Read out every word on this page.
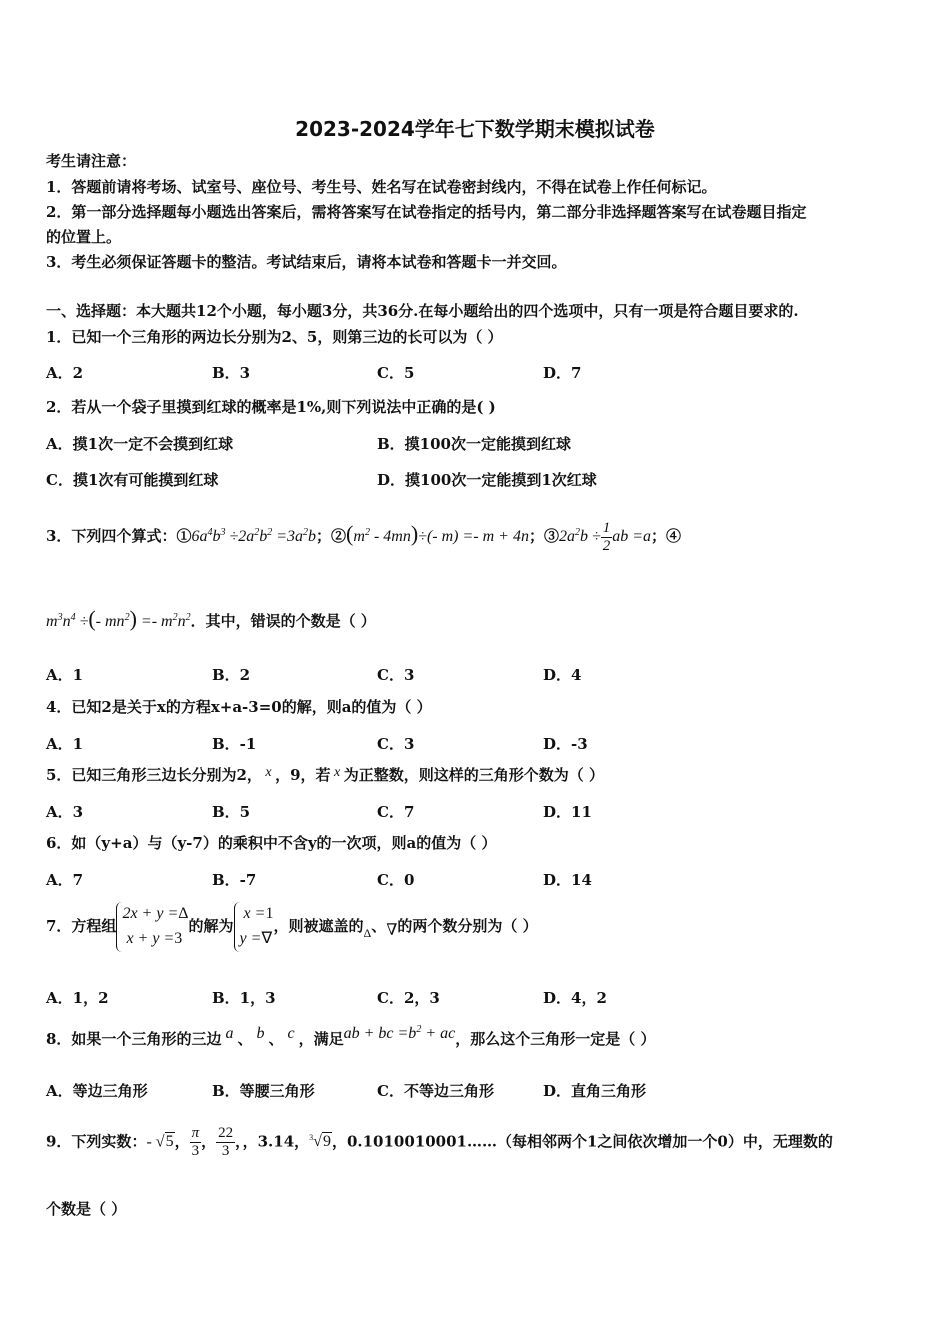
2023-2024学年七下数学期末模拟试卷
考生请注意：
1．答题前请将考场、试室号、座位号、考生号、姓名写在试卷密封线内，不得在试卷上作任何标记。
2．第一部分选择题每小题选出答案后，需将答案写在试卷指定的括号内，第二部分非选择题答案写在试卷题目指定
的位置上。
3．考生必须保证答题卡的整洁。考试结束后，请将本试卷和答题卡一并交回。
一、选择题：本大题共12个小题，每小题3分，共36分.在每小题给出的四个选项中，只有一项是符合题目要求的.
1．已知一个三角形的两边长分别为2、5，则第三边的长可以为（ ）
A．2	B．3	C．5	D．7
2．若从一个袋子里摸到红球的概率是1%,则下列说法中正确的是( )
A．摸1次一定不会摸到红球	B．摸100次一定能摸到红球
C．摸1次有可能摸到红球	D．摸100次一定能摸到1次红球
3．下列四个算式：$①6a^4b^3 \div 2a^2b^2 =3a^2b$；$②(m^2 - 4mn)\div(-$ m) =- m + 4n；$③2a^2b \div \frac{1}{2}$ ab =a；④
$m^3n^4$ ÷(- $mn^2) =- m^2n^2$．其中，错误的个数是（ ）
A．1	B．2	C．3	D．4
4．已知2是关于x的方程x+a-3=0的解，则a的值为（ ）
A．1	B．-1	C．3	D．-3
5．已知三角形三边长分别为2， x ，9，若 x 为正整数，则这样的三角形个数为（ ）
A．3	B．5	C．7	D．11
6．如（y+a）与（y-7）的乘积中不含y的一次项，则a的值为（ ）
A．7	B．-7	C．0	D．14
7．方程组2x + y =Δ
x + y =3的解为 x =1
y =∇，则被遮盖的$_\Delta$、∇的两个数分别为（ ）
A．1，2	B．1，3	C．2，3	D．4，2
8．如果一个三角形的三边 a 、 b 、 c ，满足ab + bc $=b^2$ + ac，那么这个三角形一定是（ ）
A．等边三角形	B．等腰三角形	C．不等边三角形	D．直角三角形
9．下列实数：- √5， $\frac{\pi}{3}$ ， $\frac{22}{3}$ ，，3.14，$^3$√9，0.1010010001……（每相邻两个1之间依次增加一个0）中，无理数的
个数是（ ）
